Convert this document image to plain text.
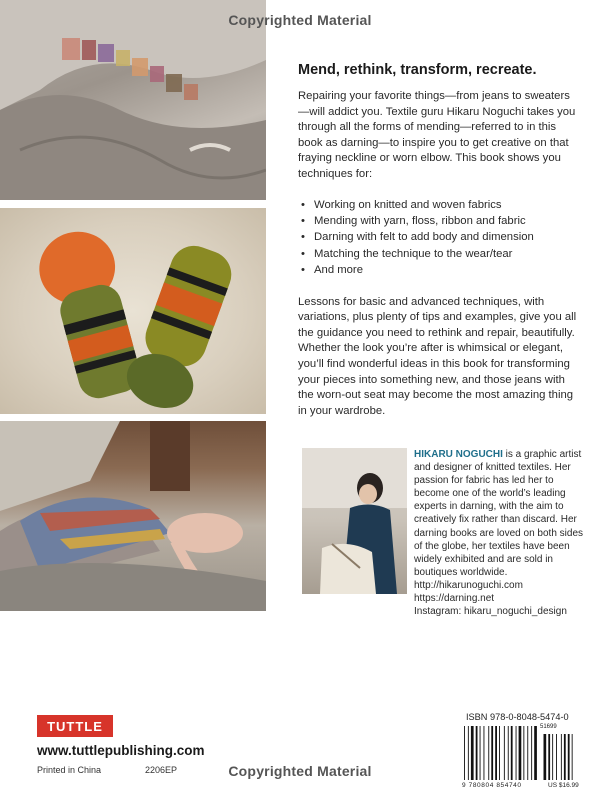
Copyrighted Material
Mend, rethink, transform, recreate.

Repairing your favorite things—from jeans to sweaters—will addict you. Textile guru Hikaru Noguchi takes you through all the forms of mending—referred to in this book as darning—to inspire you to get creative on that fraying neckline or worn elbow. This book shows you techniques for:

• Working on knitted and woven fabrics
• Mending with yarn, floss, ribbon and fabric
• Darning with felt to add body and dimension
• Matching the technique to the wear/tear
• And more

Lessons for basic and advanced techniques, with variations, plus plenty of tips and examples, give you all the guidance you need to rethink and repair, beautifully. Whether the look you’re after is whimsical or elegant, you’ll find wonderful ideas in this book for transforming your pieces into something new, and those jeans with the worn-out seat may become the most amazing thing in your wardrobe.

HIKARU NOGUCHI is a graphic artist and designer of knitted textiles. Her passion for fabric has led her to become one of the world’s leading experts in darning, with the aim to creatively fix rather than discard. Her darning books are loved on both sides of the globe, her textiles have been widely exhibited and are sold in boutiques worldwide.
http://hikarunoguchi.com
https://darning.net
Instagram: hikaru_noguchi_design
TUTTLE
www.tuttlepublishing.com
Printed in China	2206EP
ISBN 978-0-8048-5474-0
51699
9 780804 854740	US $16.99
Copyrighted Material
